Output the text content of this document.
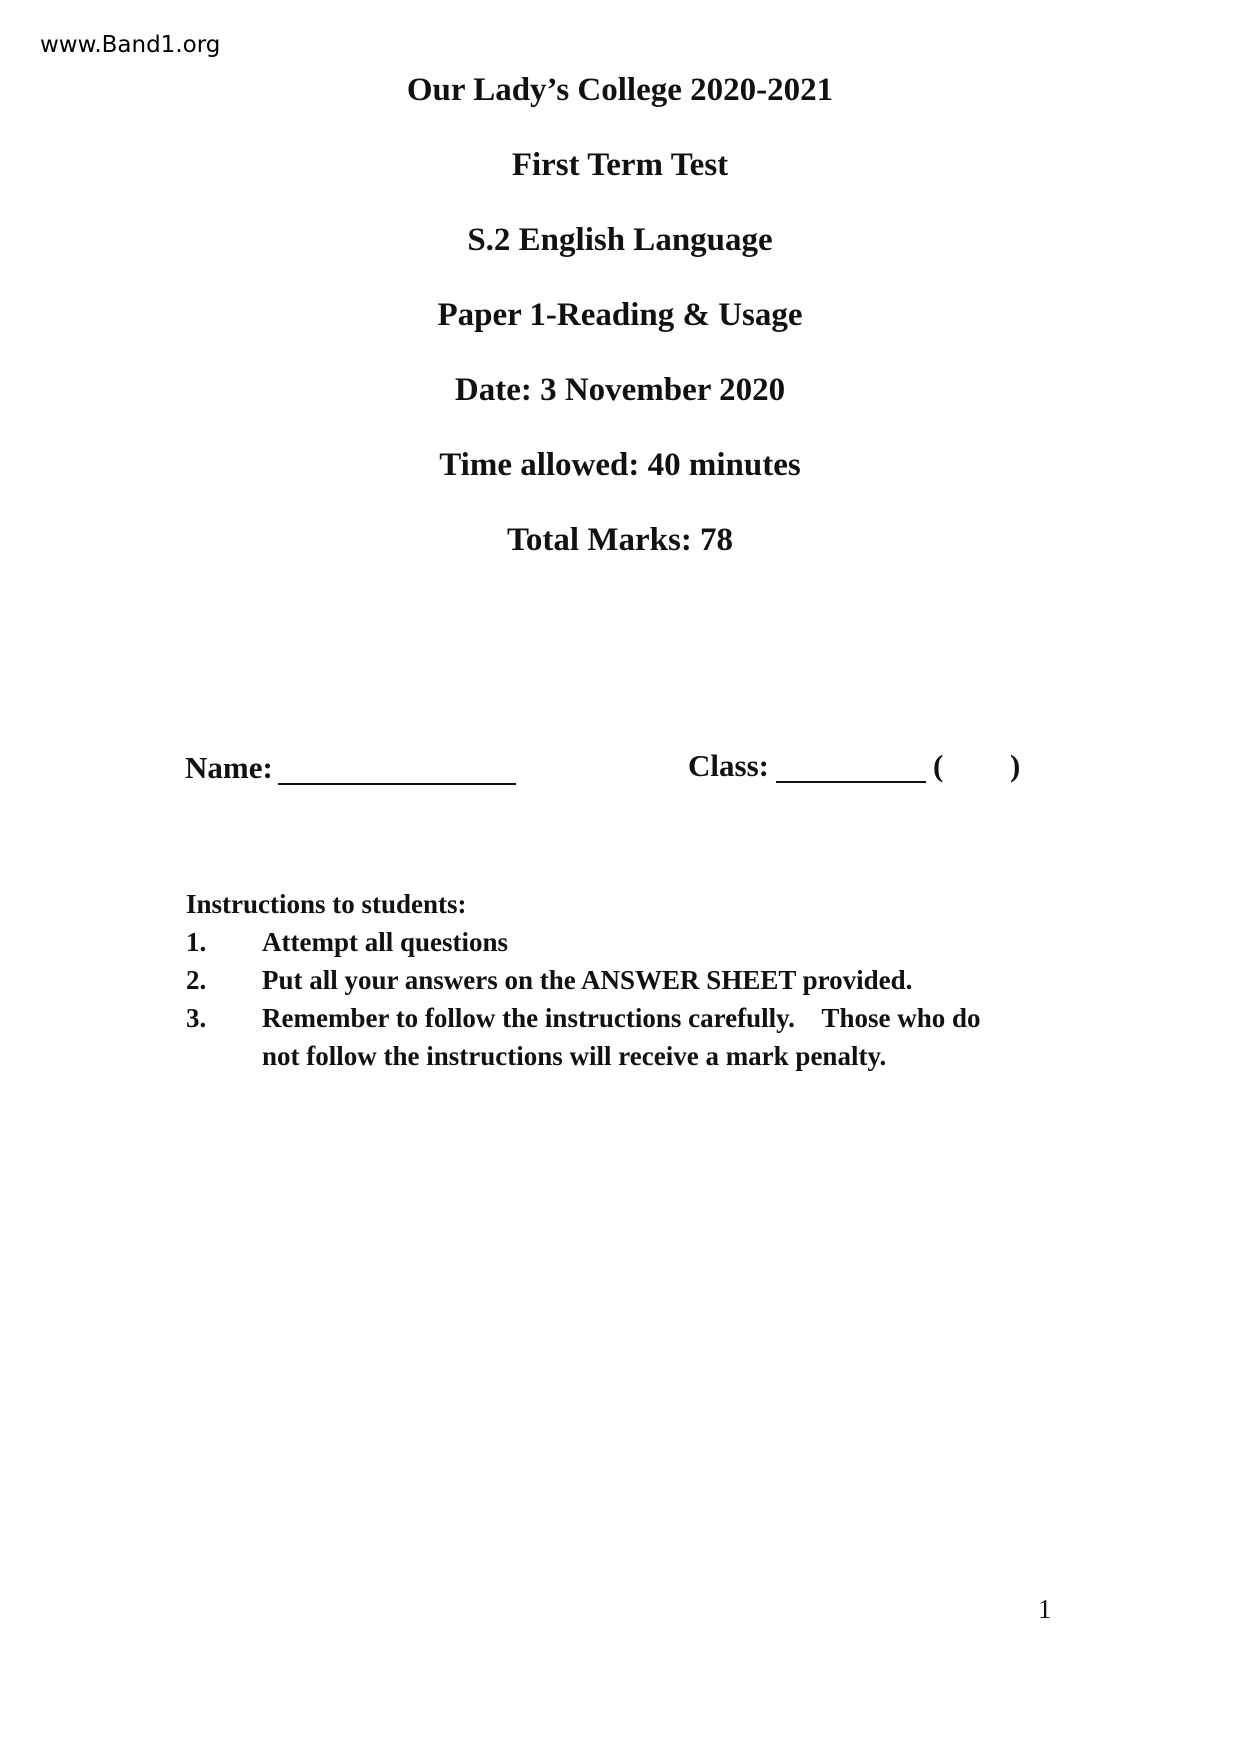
www.Band1.org
Our Lady’s College 2020-2021
First Term Test
S.2 English Language
Paper 1-Reading & Usage
Date: 3 November 2020
Time allowed: 40 minutes
Total Marks: 78
Name:	Class:	( )
Instructions to students:
1.	Attempt all questions
2.	Put all your answers on the ANSWER SHEET provided.
3.	Remember to follow the instructions carefully.    Those who do
not follow the instructions will receive a mark penalty.
1
